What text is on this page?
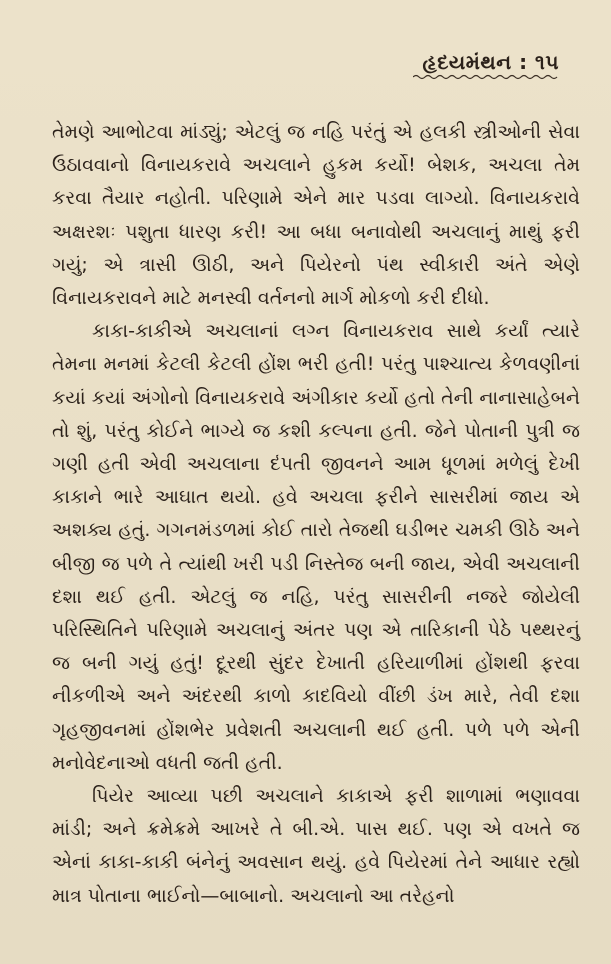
હૃદયમંથન : ૧૫

તેમણે આભોટવા માંડ્યું; એટલું જ નહિ પરંતું એ હલકી સ્ત્રીઓની સેવા ઉઠાવવાનો વિનાયકરાવે અચલાને હુકમ કર્યો! બેશક, અચલા તેમ કરવા તૈયાર નહોતી. પરિણામે એને માર પડવા લાગ્યો. વિનાયકરાવે અક્ષરશઃ પશુતા ધારણ કરી! આ બધા બનાવોથી અચલાનું માથું ફરી ગયું; એ ત્રાસી ઊઠી, અને પિયેરનો પંથ સ્વીકારી અંતે એણે વિનાયકરાવને માટે મનસ્વી વર્તનનો માર્ગ મોકળો કરી દીધો.

કાકા-કાકીએ અચલાનાં લગ્ન વિનાયકરાવ સાથે કર્યાં ત્યારે તેમના મનમાં કેટલી કેટલી હોંશ ભરી હતી! પરંતુ પાશ્ચાત્ય કેળવણીનાં કયાં કયાં અંગોનો વિનાયકરાવે અંગીકાર કર્યો હતો તેની નાનાસાહેબને તો શું, પરંતુ કોઈને ભાગ્યે જ કશી કલ્પના હતી. જેને પોતાની પુત્રી જ ગણી હતી એવી અચલાના દંપતી જીવનને આમ ધૂળમાં મળેલું દેખી કાકાને ભારે આઘાત થયો. હવે અચલા ફરીને સાસરીમાં જાય એ અશક્ય હતું. ગગનમંડળમાં કોઈ તારો તેજથી ઘડીભર ચમકી ઊઠે અને બીજી જ પળે તે ત્યાંથી ખરી પડી નિસ્તેજ બની જાય, એવી અચલાની દશા થઈ હતી. એટલું જ નહિ, પરંતુ સાસરીની નજરે જોયેલી પરિસ્થિતિને પરિણામે અચલાનું અંતર પણ એ તારિકાની પેઠે પથ્થરનું જ બની ગયું હતું! દૂરથી સુંદર દેખાતી હરિયાળીમાં હોંશથી ફરવા નીકળીએ અને અંદરથી કાળો કાદવિયો વીંછી ડંખ મારે, તેવી દશા ગૃહજીવનમાં હોંશભેર પ્રવેશતી અચલાની થઈ હતી. પળે પળે એની મનોવેદનાઓ વધતી જતી હતી.

પિયેર આવ્યા પછી અચલાને કાકાએ ફરી શાળામાં ભણાવવા માંડી; અને ક્રમેક્રમે આખરે તે બી.એ. પાસ થઈ. પણ એ વખતે જ એનાં કાકા-કાકી બંનેનું અવસાન થયું. હવે પિયેરમાં તેને આધાર રહ્યો માત્ર પોતાના ભાઈનો—બાબાનો. અચલાનો આ તરેહનો
